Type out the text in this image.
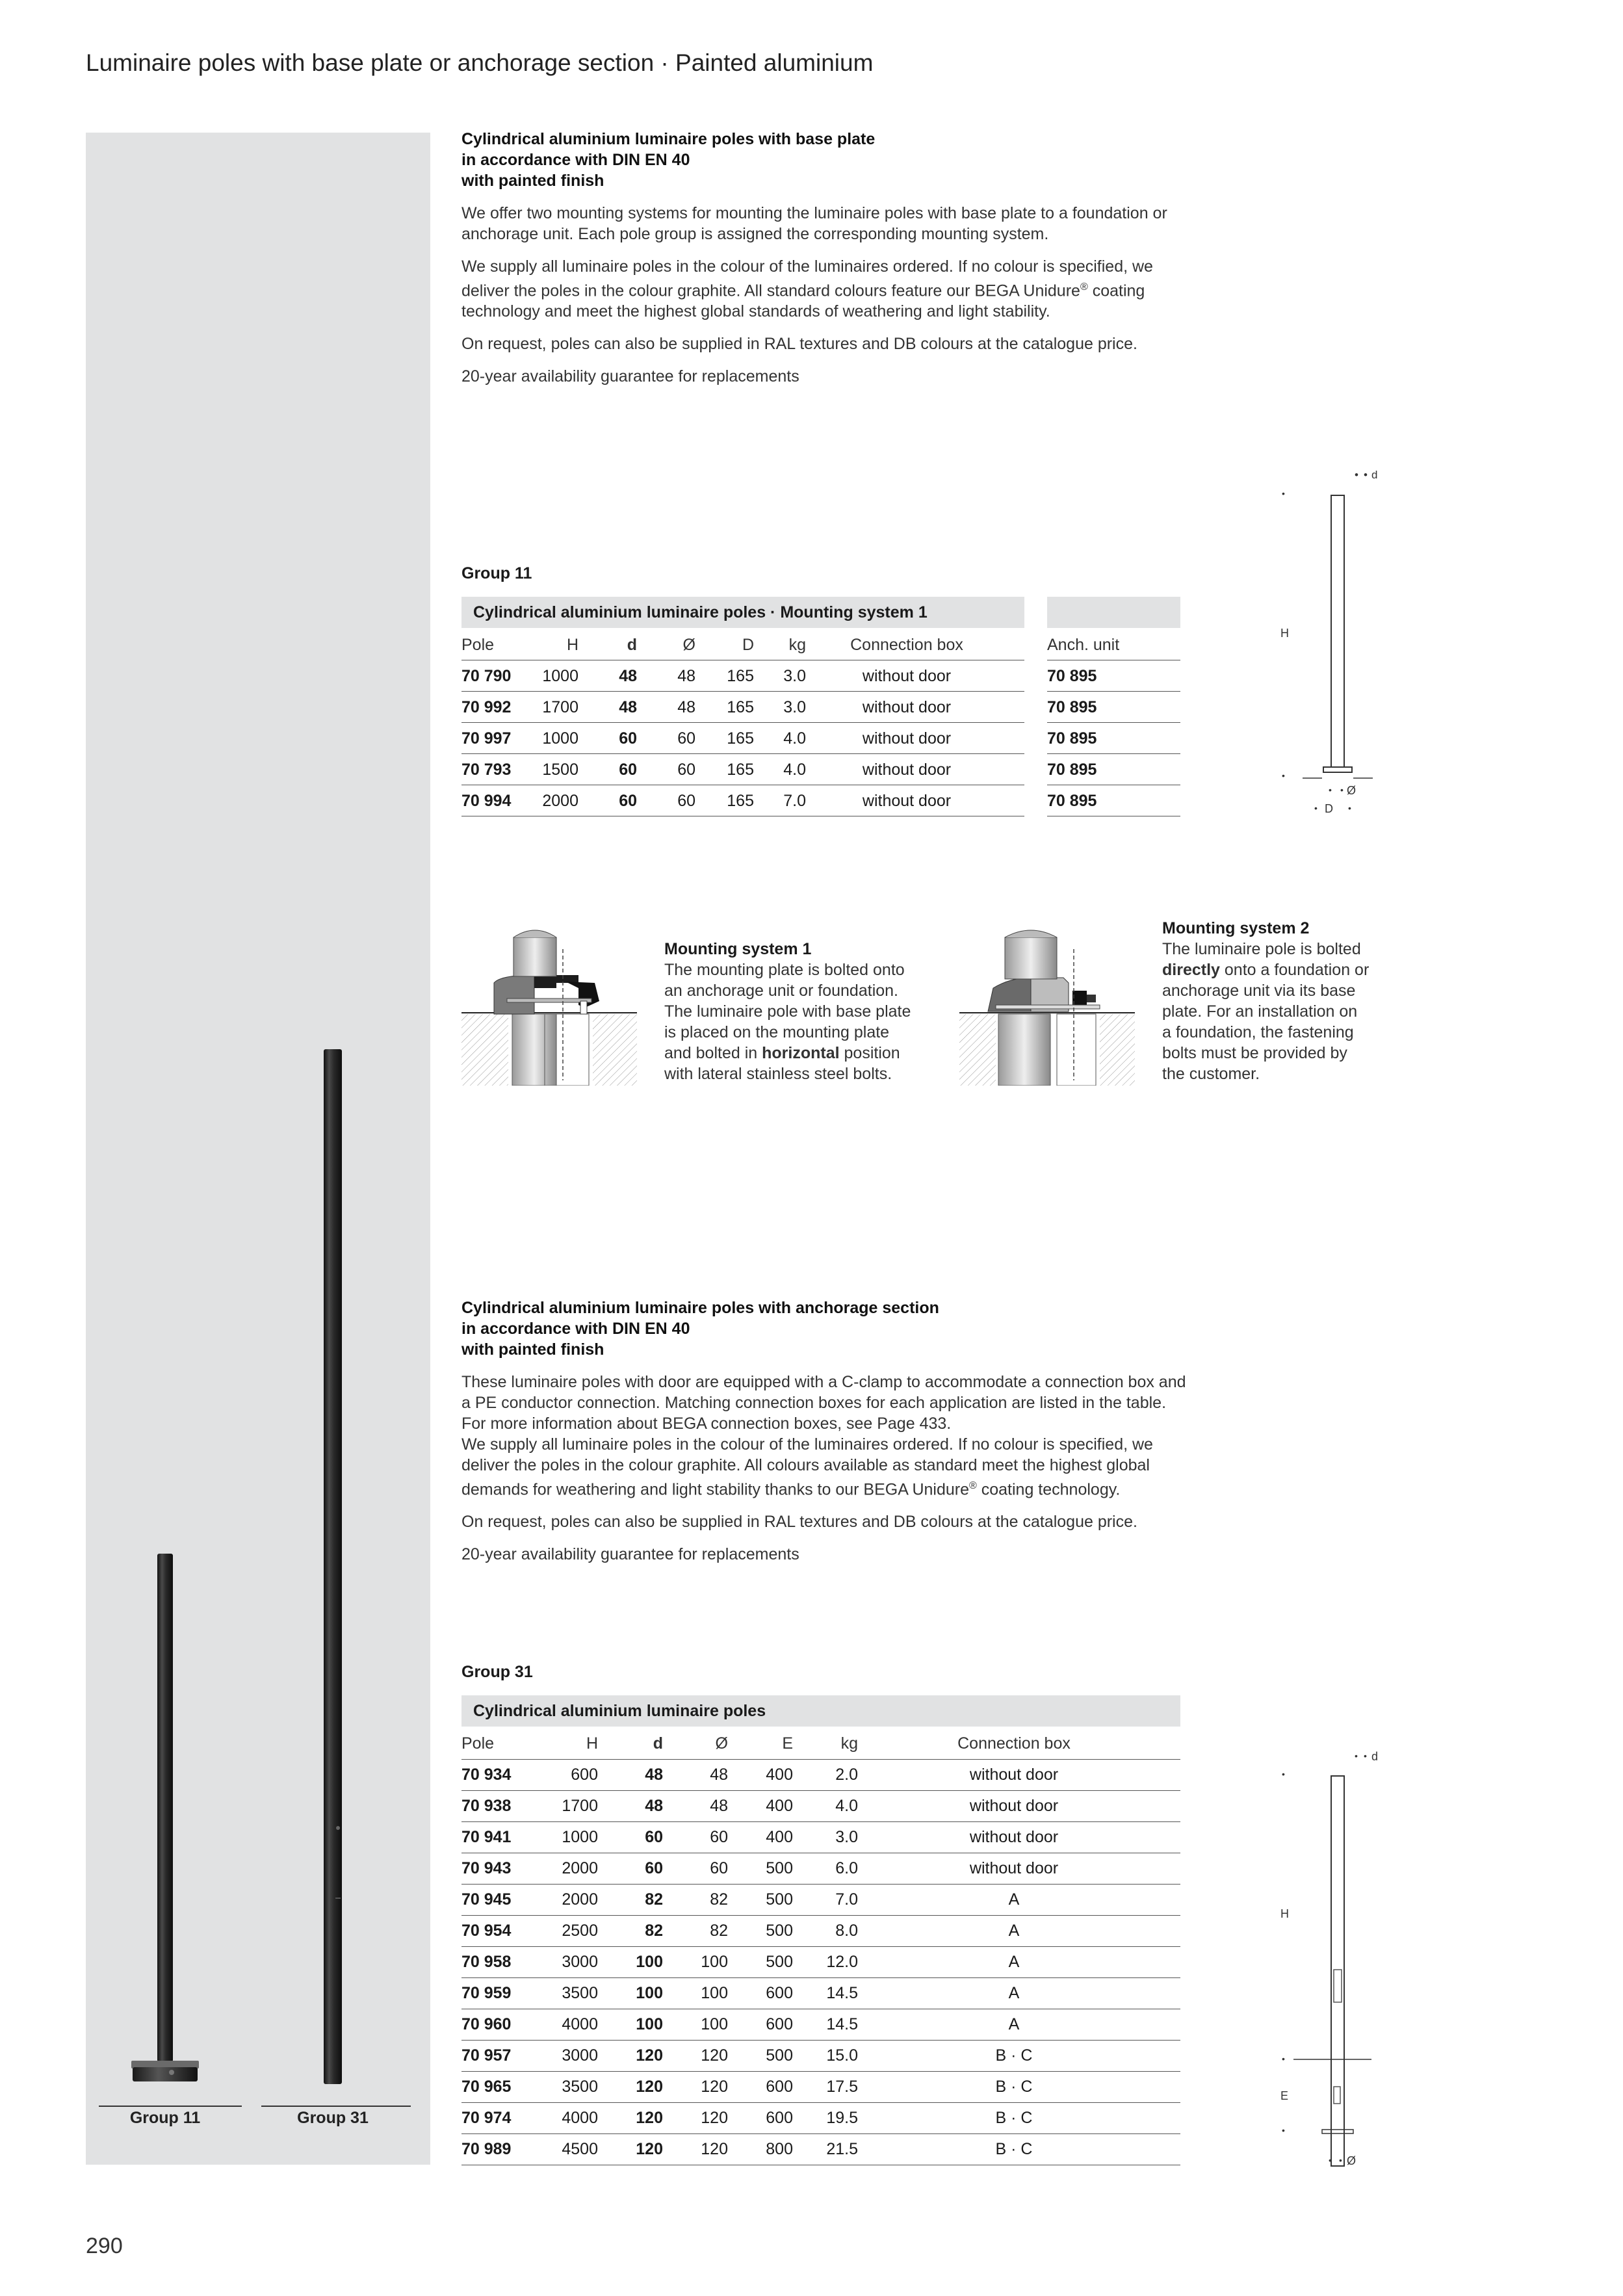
Luminaire poles with base plate or anchorage section · Painted aluminium
Group 11	Group 31
Cylindrical aluminium luminaire poles with base plate
in accordance with DIN EN 40
with painted finish

We offer two mounting systems for mounting the luminaire poles with base plate to a foundation or anchorage unit. Each pole group is assigned the corresponding mounting system.

We supply all luminaire poles in the colour of the luminaires ordered. If no colour is specified, we deliver the poles in the colour graphite. All standard colours feature our BEGA Unidure® coating technology and meet the highest global standards of weathering and light stability.

On request, poles can also be supplied in RAL textures and DB colours at the catalogue price.

20-year availability guarantee for replacements

Group 11
Cylindrical aluminium luminaire poles · Mounting system 1
Pole	H	d	Ø	D	kg	Connection box	Anch. unit
70 790	1000	48	48	165	3.0	without door	70 895
70 992	1700	48	48	165	3.0	without door	70 895
70 997	1000	60	60	165	4.0	without door	70 895
70 793	1500	60	60	165	4.0	without door	70 895
70 994	2000	60	60	165	7.0	without door	70 895
• • d
•
H
•
• • Ø
• D •
Mounting system 1
The mounting plate is bolted onto
an anchorage unit or foundation.
The luminaire pole with base plate
is placed on the mounting plate
and bolted in horizontal position
with lateral stainless steel bolts.
Mounting system 2
The luminaire pole is bolted
directly onto a foundation or
anchorage unit via its base
plate. For an installation on
a foundation, the fastening
bolts must be provided by
the customer.
Cylindrical aluminium luminaire poles with anchorage section
in accordance with DIN EN 40
with painted finish

These luminaire poles with door are equipped with a C-clamp to accommodate a connection box and a PE conductor connection. Matching connection boxes for each application are listed in the table. For more information about BEGA connection boxes, see Page 433.

We supply all luminaire poles in the colour of the luminaires ordered. If no colour is specified, we deliver the poles in the colour graphite. All colours available as standard meet the highest global demands for weathering and light stability thanks to our BEGA Unidure® coating technology.

On request, poles can also be supplied in RAL textures and DB colours at the catalogue price.

20-year availability guarantee for replacements

Group 31
Cylindrical aluminium luminaire poles
Pole	H	d	Ø	E	kg	Connection box
70 934	600	48	48	400	2.0	without door
70 938	1700	48	48	400	4.0	without door
70 941	1000	60	60	400	3.0	without door
70 943	2000	60	60	500	6.0	without door
70 945	2000	82	82	500	7.0	A
70 954	2500	82	82	500	8.0	A
70 958	3000	100	100	500	12.0	A
70 959	3500	100	100	600	14.5	A
70 960	4000	100	100	600	14.5	A
70 957	3000	120	120	500	15.0	B · C
70 965	3500	120	120	600	17.5	B · C
70 974	4000	120	120	600	19.5	B · C
70 989	4500	120	120	800	21.5	B · C
• • d
•
H
•
E
•
• • Ø
290
